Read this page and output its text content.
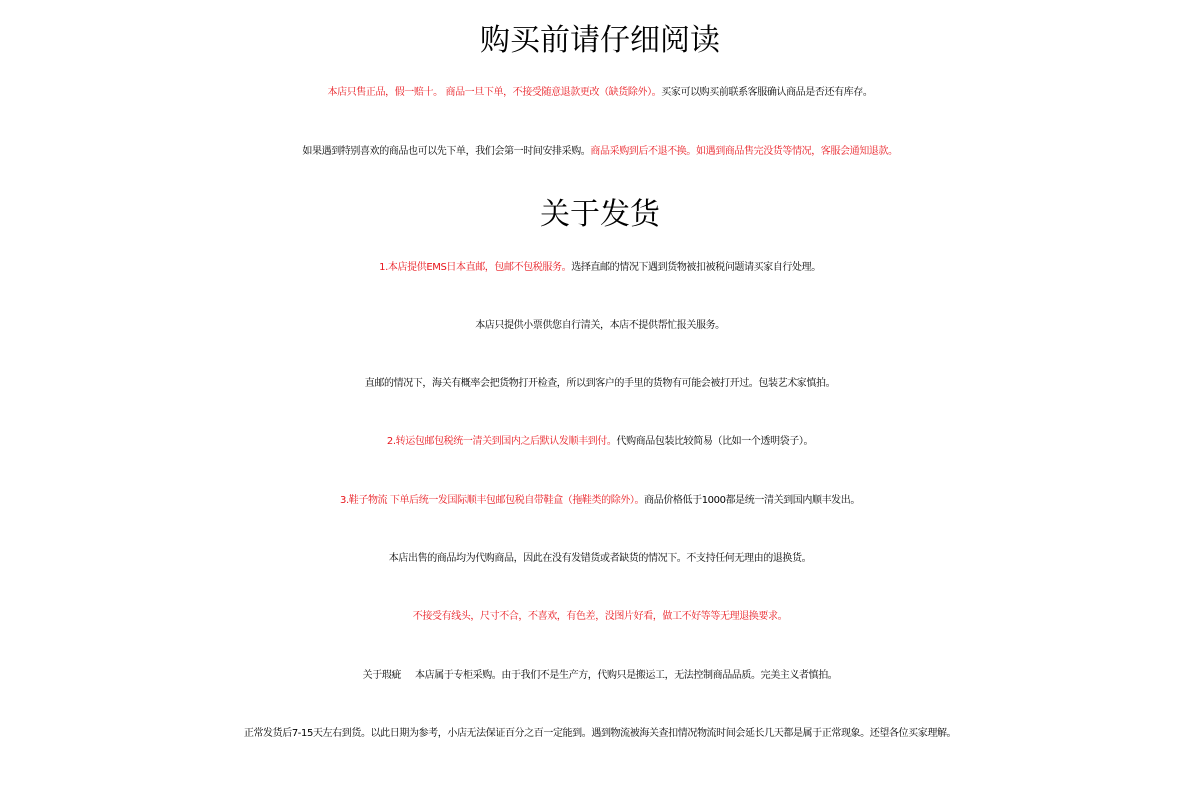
购买前请仔细阅读

本店只售正品，假一赔十。 商品一旦下单，不接受随意退款更改（缺货除外）。买家可以购买前联系客服确认商品是否还有库存。

如果遇到特别喜欢的商品也可以先下单，我们会第一时间安排采购。商品采购到后不退不换。如遇到商品售完没货等情况，客服会通知退款。

关于发货

1.本店提供EMS日本直邮，包邮不包税服务。选择直邮的情况下遇到货物被扣被税问题请买家自行处理。

本店只提供小票供您自行清关，本店不提供帮忙报关服务。

直邮的情况下，海关有概率会把货物打开检查，所以到客户的手里的货物有可能会被打开过。包装艺术家慎拍。

2.转运包邮包税统一清关到国内之后默认发顺丰到付。代购商品包装比较简易（比如一个透明袋子）。

3.鞋子物流 下单后统一发国际顺丰包邮包税自带鞋盒（拖鞋类的除外）。商品价格低于1000都是统一清关到国内顺丰发出。

本店出售的商品均为代购商品，因此在没有发错货或者缺货的情况下。不支持任何无理由的退换货。

不接受有线头，尺寸不合，不喜欢，有色差，没图片好看，做工不好等等无理退换要求。

关于瑕疵 本店属于专柜采购。由于我们不是生产方，代购只是搬运工，无法控制商品品质。完美主义者慎拍。

正常发货后7-15天左右到货。以此日期为参考，小店无法保证百分之百一定能到。遇到物流被海关查扣情况物流时间会延长几天都是属于正常现象。还望各位买家理解。
